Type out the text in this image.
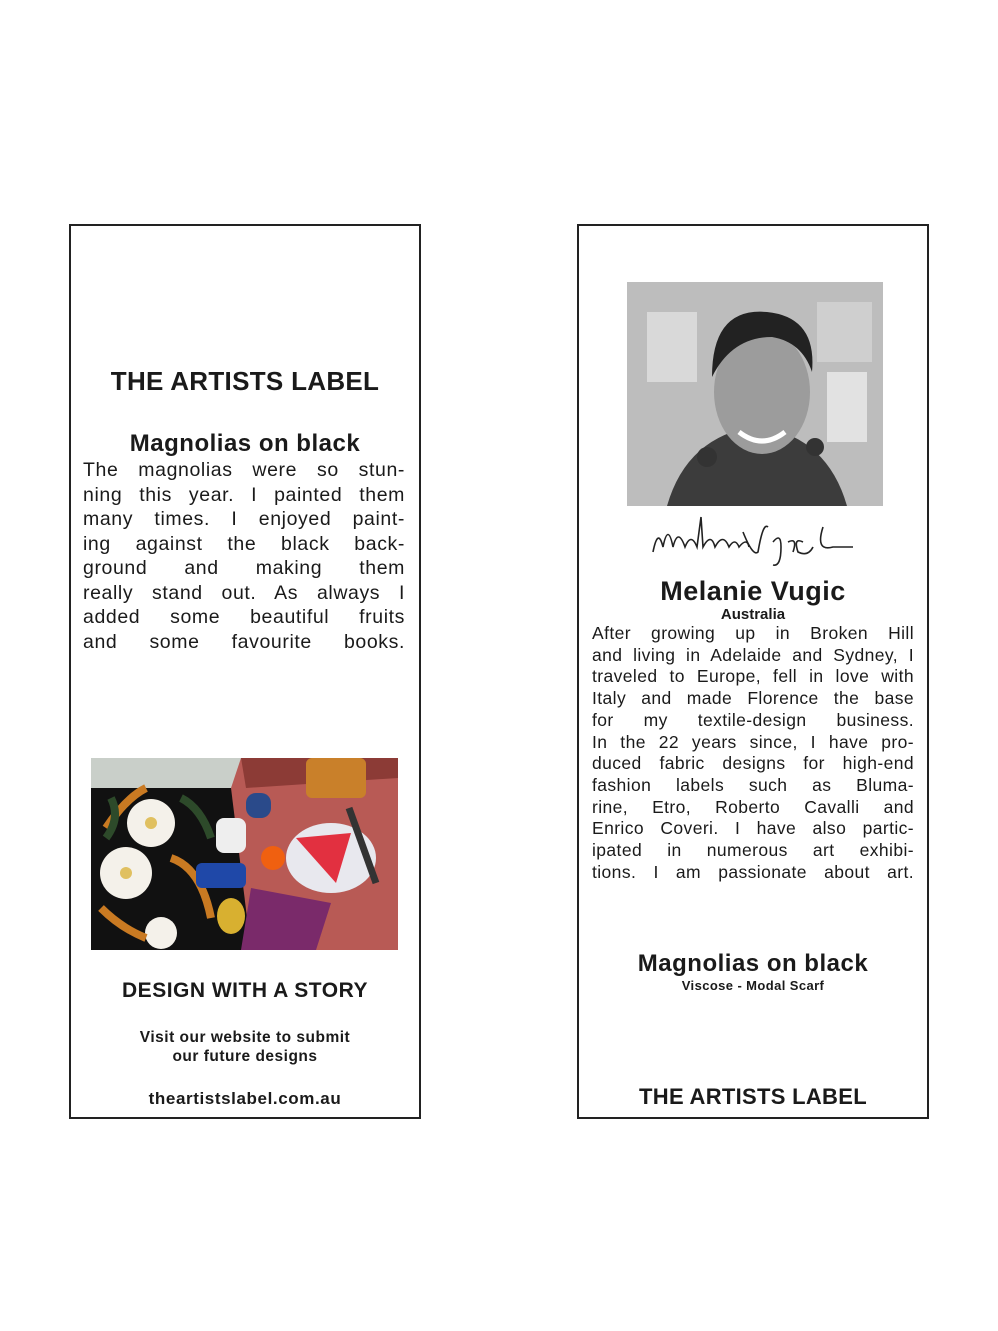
THE ARTISTS LABEL
Magnolias on black
The magnolias were so stun-
ning this year. I painted them
many times. I enjoyed paint-
ing against the black back-
ground and making them
really stand out. As always I
added some beautiful fruits
and some favourite books.
DESIGN WITH A STORY
Visit our website to submit
our future designs
theartistslabel.com.au
Melanie Vugic
Australia
After growing up in Broken Hill
and living in Adelaide and Sydney, I
traveled to Europe, fell in love with
Italy and made Florence the base
for my textile-design business.
In the 22 years since, I have pro-
duced fabric designs for high-end
fashion labels such as Bluma-
rine, Etro, Roberto Cavalli and
Enrico Coveri. I have also partic-
ipated in numerous art exhibi-
tions. I am passionate about art.
Magnolias on black
Viscose - Modal Scarf
THE ARTISTS LABEL
